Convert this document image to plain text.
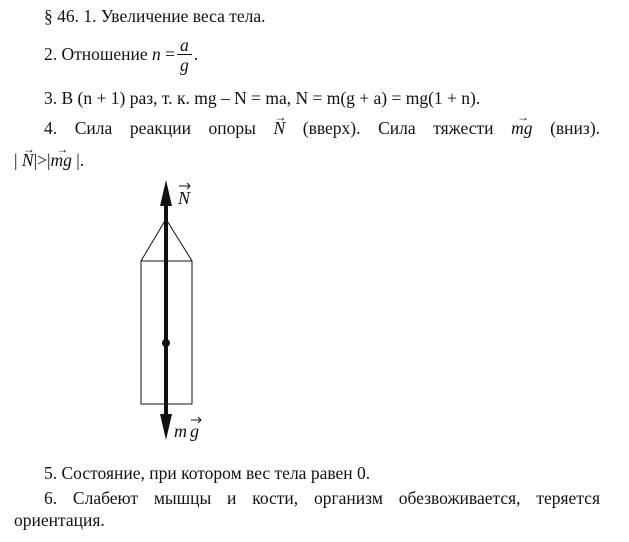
§ 46. 1. Увеличение веса тела.
2. Отношение $n = \frac{a}{g}$ .
3. В (n + 1) раз, т. к. mg – N = ma, N = m(g + a) = mg(1 + n).
4. Сила реакции опоры N → (вверх). Сила тяжести mg → (вниз).
| N →|>|mg → |.
N
m g
5. Состояние, при котором вес тела равен 0.
6. Слабеют мышцы и кости, организм обезвоживается, теряется
ориентация.
